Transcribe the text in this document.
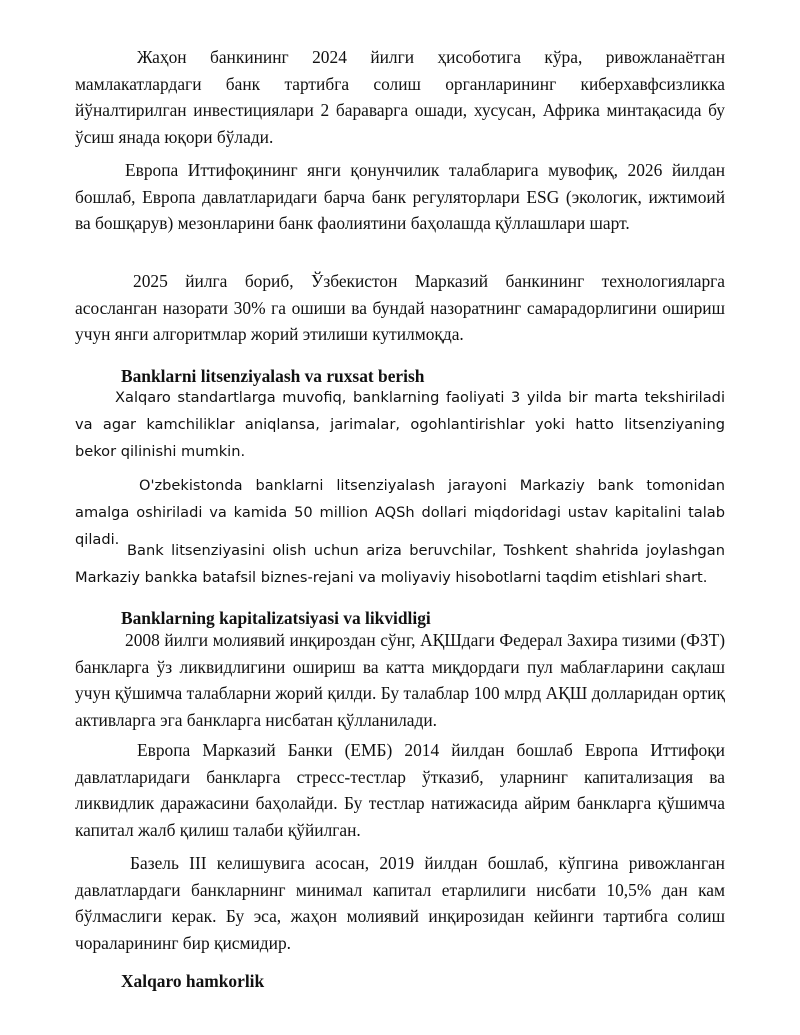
Жаҳон банкининг 2024 йилги ҳисоботига кўра, ривожланаётган мамлакатлардаги банк тартибга солиш органларининг киберхавфсизликка йўналтирилган инвестициялари 2 бараварга ошади, хусусан, Африка минтақасида бу ўсиш янада юқори бўлади.

Европа Иттифоқининг янги қонунчилик талабларига мувофиқ, 2026 йилдан бошлаб, Европа давлатларидаги барча банк регуляторлари ESG (экологик, ижтимоий ва бошқарув) мезонларини банк фаолиятини баҳолашда қўллашлари шарт.

2025 йилга бориб, Ўзбекистон Марказий банкининг технологияларга асосланган назорати 30% га ошиши ва бундай назоратнинг самарадорлигини ошириш учун янги алгоритмлар жорий этилиши кутилмоқда.

Banklarni litsenziyalash va ruxsat berish

Xalqaro standartlarga muvofiq, banklarning faoliyati 3 yilda bir marta tekshiriladi va agar kamchiliklar aniqlansa, jarimalar, ogohlantirishlar yoki hatto litsenziyaning bekor qilinishi mumkin.

O'zbekistonda banklarni litsenziyalash jarayoni Markaziy bank tomonidan amalga oshiriladi va kamida 50 million AQSh dollari miqdoridagi ustav kapitalini talab qiladi.

Bank litsenziyasini olish uchun ariza beruvchilar, Toshkent shahrida joylashgan Markaziy bankka batafsil biznes-rejani va moliyaviy hisobotlarni taqdim etishlari shart.

Banklarning kapitalizatsiyasi va likvidligi

2008 йилги молиявий инқироздан сўнг, АҚШдаги Федерал Захира тизими (ФЗТ) банкларга ўз ликвидлигини ошириш ва катта миқдордаги пул маблағларини сақлаш учун қўшимча талабларни жорий қилди. Бу талаблар 100 млрд АҚШ долларидан ортиқ активларга эга банкларга нисбатан қўлланилади.

Европа Марказий Банки (ЕМБ) 2014 йилдан бошлаб Европа Иттифоқи давлатларидаги банкларга стресс-тестлар ўтказиб, уларнинг капитализация ва ликвидлик даражасини баҳолайди. Бу тестлар натижасида айрим банкларга қўшимча капитал жалб қилиш талаби қўйилган.

Базель III келишувига асосан, 2019 йилдан бошлаб, кўпгина ривожланган давлатлардаги банкларнинг минимал капитал етарлилиги нисбати 10,5% дан кам бўлмаслиги керак. Бу эса, жаҳон молиявий инқирозидан кейинги тартибга солиш чораларининг бир қисмидир.

Xalqaro hamkorlik
